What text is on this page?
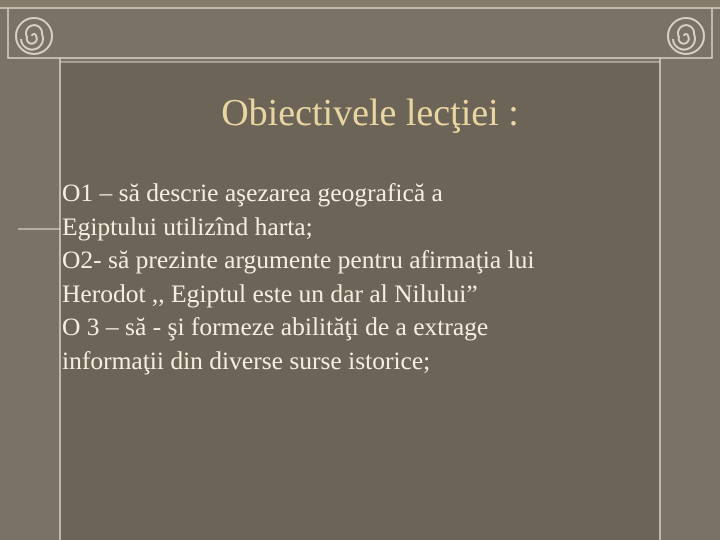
Obiectivele lecţiei :

O1 – să descrie aşezarea geografică a
Egiptului utilizînd harta;

O2- să prezinte argumente pentru afirmaţia lui
Herodot ,, Egiptul este un dar al Nilului”

O 3 – să - şi formeze abilităţi de a extrage
informaţii din diverse surse istorice;
